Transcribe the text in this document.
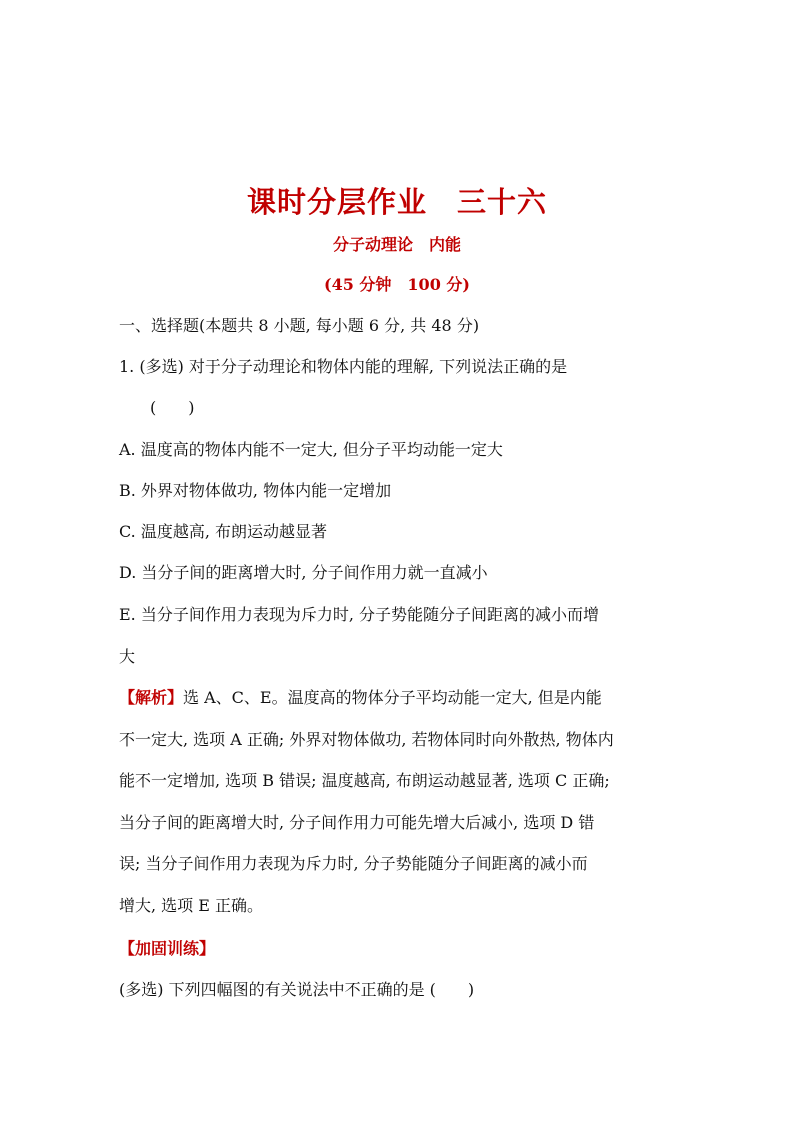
课时分层作业　三十六
分子动理论　内能
(45 分钟　100 分)
一、选择题(本题共 8 小题, 每小题 6 分, 共 48 分)
1. (多选) 对于分子动理论和物体内能的理解, 下列说法正确的是
(　　)
A. 温度高的物体内能不一定大, 但分子平均动能一定大
B. 外界对物体做功, 物体内能一定增加
C. 温度越高, 布朗运动越显著
D. 当分子间的距离增大时, 分子间作用力就一直减小
E. 当分子间作用力表现为斥力时, 分子势能随分子间距离的减小而增
大
【解析】选 A、C、E。温度高的物体分子平均动能一定大, 但是内能
不一定大, 选项 A 正确; 外界对物体做功, 若物体同时向外散热, 物体内
能不一定增加, 选项 B 错误; 温度越高, 布朗运动越显著, 选项 C 正确;
当分子间的距离增大时, 分子间作用力可能先增大后减小, 选项 D 错
误; 当分子间作用力表现为斥力时, 分子势能随分子间距离的减小而
增大, 选项 E 正确。
【加固训练】
(多选) 下列四幅图的有关说法中不正确的是 (　　)
